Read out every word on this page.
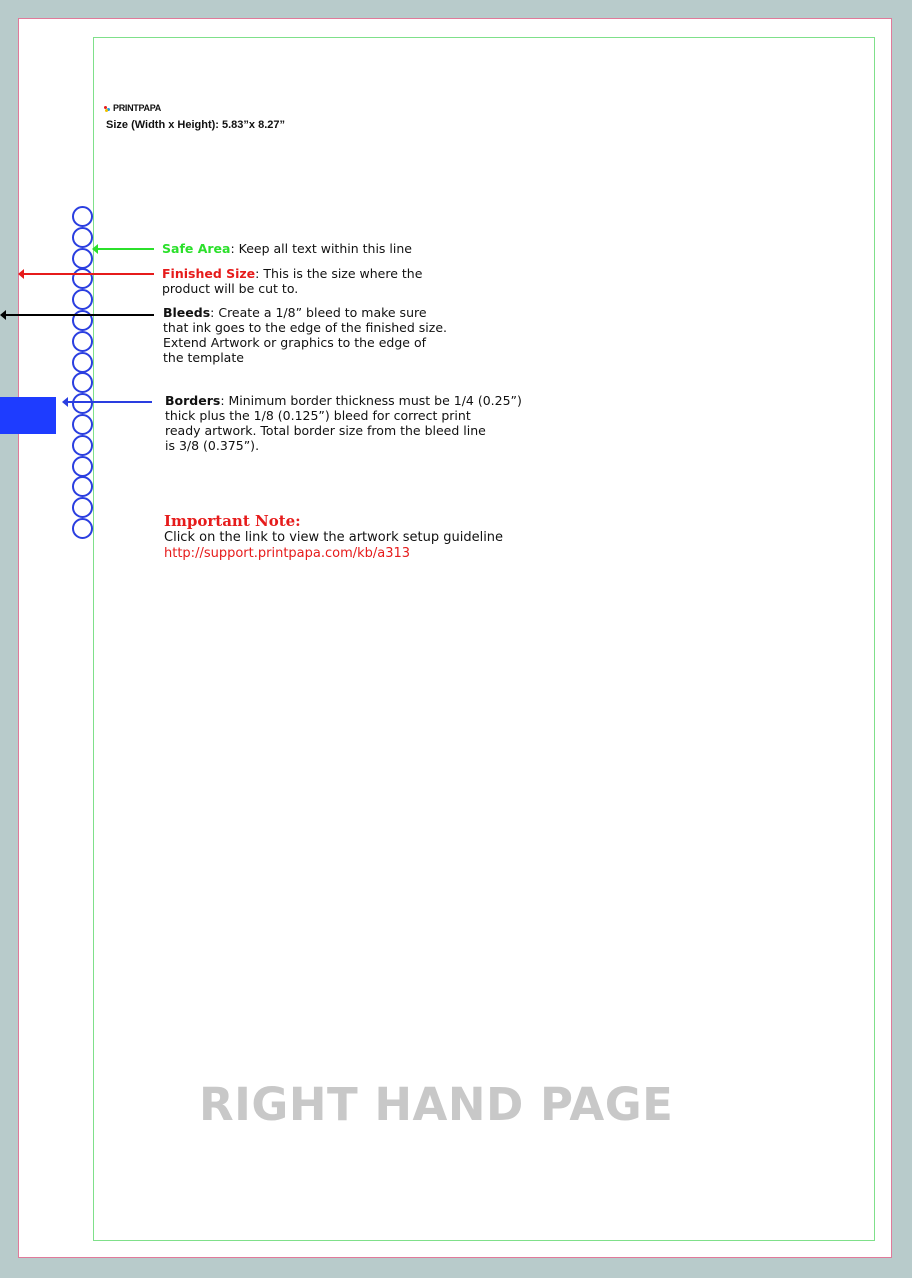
PRINTPAPA
Size (Width x Height): 5.83”x 8.27”
Safe Area: Keep all text within this line
Finished Size: This is the size where the
product will be cut to.
Bleeds: Create a 1/8” bleed to make sure
that ink goes to the edge of the finished size.
Extend Artwork or graphics to the edge of
the template
Borders: Minimum border thickness must be 1/4 (0.25”)
thick plus the 1/8 (0.125”) bleed for correct print
ready artwork. Total border size from the bleed line
is 3/8 (0.375”).
Important Note:
Click on the link to view the artwork setup guideline
http://support.printpapa.com/kb/a313
RIGHT HAND PAGE
